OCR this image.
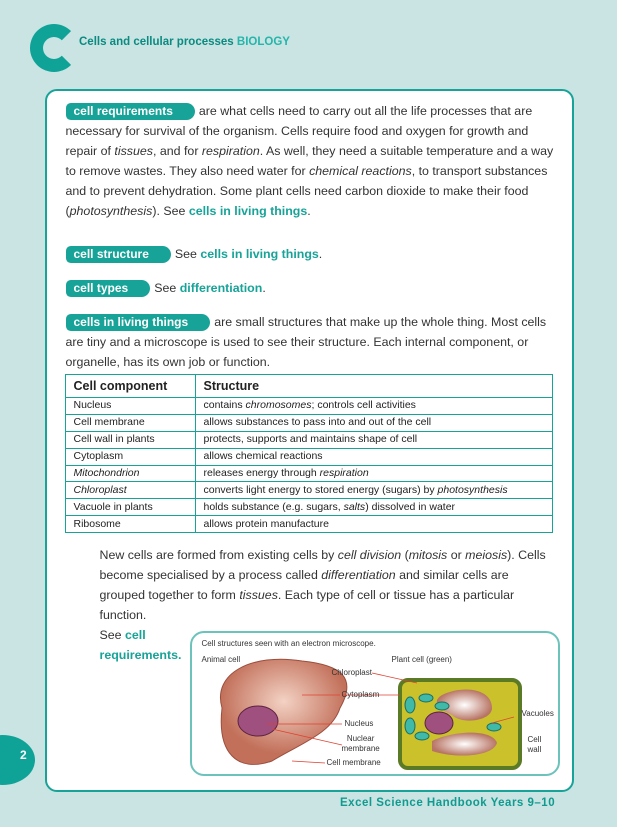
Cells and cellular processes BIOLOGY
cell requirements are what cells need to carry out all the life processes that are necessary for survival of the organism. Cells require food and oxygen for growth and repair of tissues, and for respiration. As well, they need a suitable temperature and a way to remove wastes. They also need water for chemical reactions, to transport substances and to prevent dehydration. Some plant cells need carbon dioxide to make their food (photosynthesis). See cells in living things.
cell structure See cells in living things.
cell types See differentiation.
cells in living things are small structures that make up the whole thing. Most cells are tiny and a microscope is used to see their structure. Each internal component, or organelle, has its own job or function.
Cell component	Structure
Nucleus	contains chromosomes; controls cell activities
Cell membrane	allows substances to pass into and out of the cell
Cell wall in plants	protects, supports and maintains shape of cell
Cytoplasm	allows chemical reactions
Mitochondrion	releases energy through respiration
Chloroplast	converts light energy to stored energy (sugars) by photosynthesis
Vacuole in plants	holds substance (e.g. sugars, salts) dissolved in water
Ribosome	allows protein manufacture
New cells are formed from existing cells by cell division (mitosis or meiosis). Cells become specialised by a process called differentiation and similar cells are grouped together to form tissues. Each type of cell or tissue has a particular function.
See cell requirements.
Cell structures seen with an electron microscope.
Animal cell	Plant cell (green)
Chloroplast
Cytoplasm
Nucleus
Nuclear
membrane
Cell membrane
Vacuoles
Cell
wall
Excel Science Handbook Years 9–10
2
